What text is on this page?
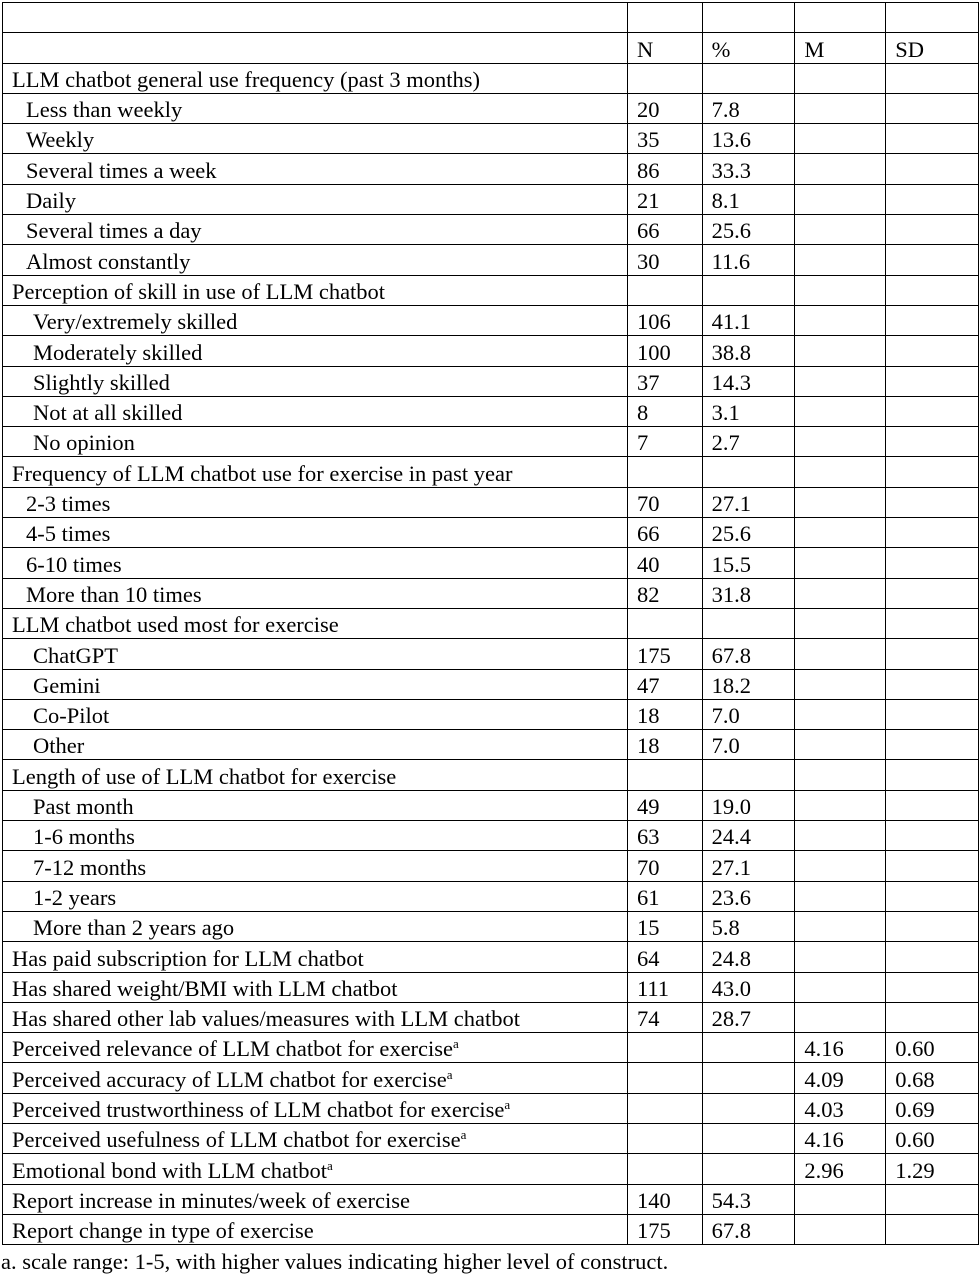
	N	%	M	SD
LLM chatbot general use frequency (past 3 months)				
Less than weekly	20	7.8		
Weekly	35	13.6		
Several times a week	86	33.3		
Daily	21	8.1		
Several times a day	66	25.6		
Almost constantly	30	11.6		
Perception of skill in use of LLM chatbot				
Very/extremely skilled	106	41.1		
Moderately skilled	100	38.8		
Slightly skilled	37	14.3		
Not at all skilled	8	3.1		
No opinion	7	2.7		
Frequency of LLM chatbot use for exercise in past year				
2-3 times	70	27.1		
4-5 times	66	25.6		
6-10 times	40	15.5		
More than 10 times	82	31.8		
LLM chatbot used most for exercise				
ChatGPT	175	67.8		
Gemini	47	18.2		
Co-Pilot	18	7.0		
Other	18	7.0		
Length of use of LLM chatbot for exercise				
Past month	49	19.0		
1-6 months	63	24.4		
7-12 months	70	27.1		
1-2 years	61	23.6		
More than 2 years ago	15	5.8		
Has paid subscription for LLM chatbot	64	24.8		
Has shared weight/BMI with LLM chatbot	111	43.0		
Has shared other lab values/measures with LLM chatbot	74	28.7		
Perceived relevance of LLM chatbot for exercise$^a$			4.16	0.60
Perceived accuracy of LLM chatbot for exercise$^a$			4.09	0.68
Perceived trustworthiness of LLM chatbot for exercise$^a$			4.03	0.69
Perceived usefulness of LLM chatbot for exercise$^a$			4.16	0.60
Emotional bond with LLM chatbot$^a$			2.96	1.29
Report increase in minutes/week of exercise	140	54.3		
Report change in type of exercise	175	67.8		
a. scale range: 1-5, with higher values indicating higher level of construct.
